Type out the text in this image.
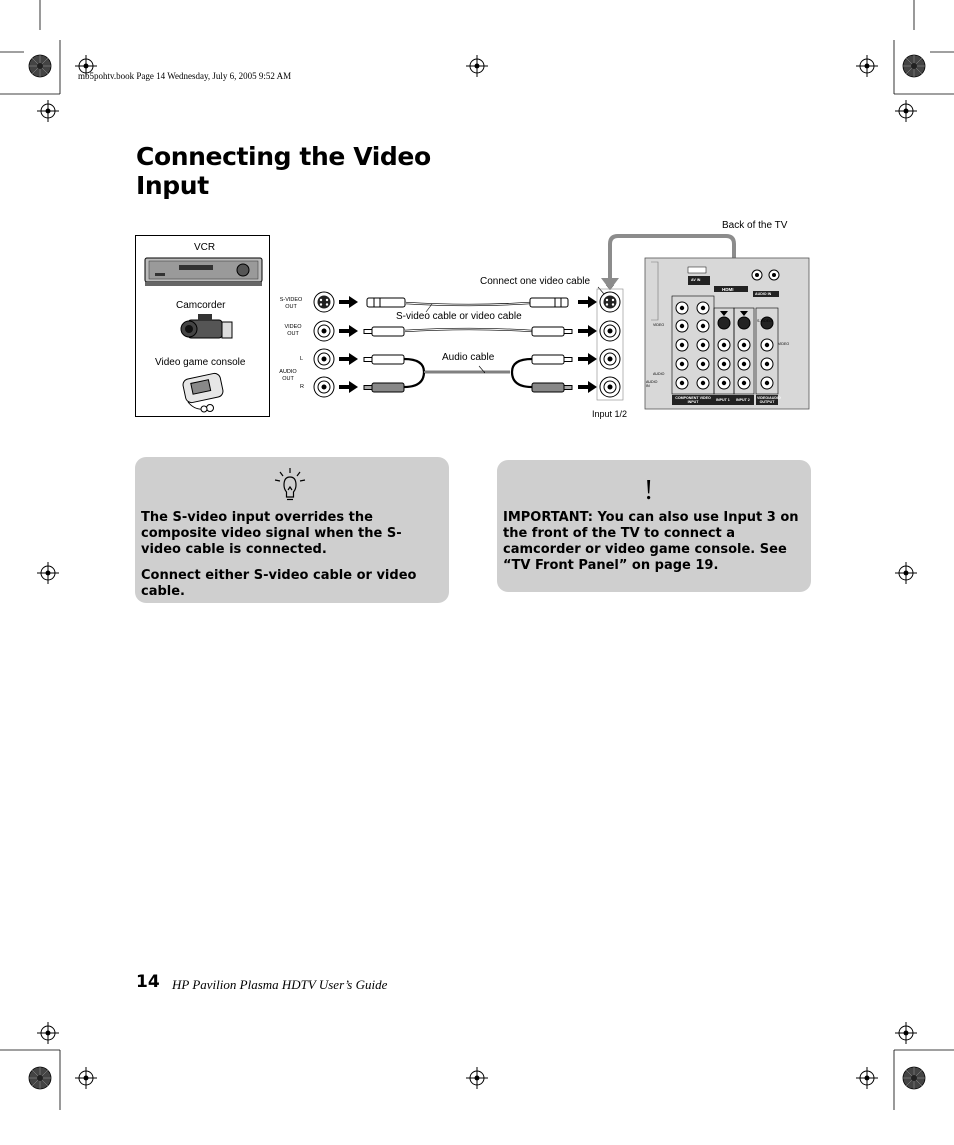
mb5pohtv.book Page 14 Wednesday, July 6, 2005 9:52 AM
Connecting the Video Input
VCR
Camcorder
Video game console
S-VIDEO
OUT
VIDEO
OUT
L
R
AUDIO
OUT
Back of the TV
Connect one video cable
S-video cable or video cable
Audio cable
Input 1/2
AV IN
HDMI
AUDIO IN
S-VIDEO
VIDEO
AUDIO
AUDIO
IN
VIDEO
COMPONENT VIDEO
INPUT	INPUT 1 INPUT 2 VIDEO/AUDIO
OUTPUT
The S-video input overrides the composite video signal when the S-video cable is connected.
Connect either S-video cable or video cable.
!
IMPORTANT: You can also use Input 3 on the front of the TV to connect a camcorder or video game console. See “TV Front Panel” on page 19.
14 HP Pavilion Plasma HDTV User’s Guide
